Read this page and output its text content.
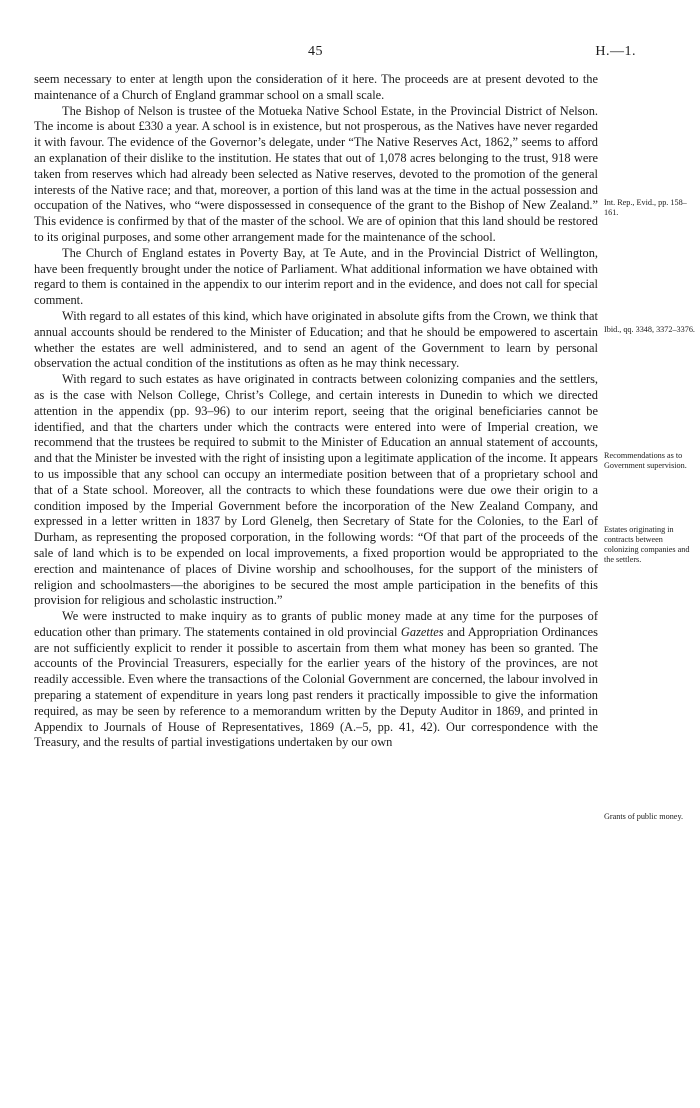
45	H.—1.

seem necessary to enter at length upon the consideration of it here. The proceeds are at present devoted to the maintenance of a Church of England grammar school on a small scale.

The Bishop of Nelson is trustee of the Motueka Native School Estate, in the Provincial District of Nelson. The income is about £330 a year. A school is in existence, but not prosperous, as the Natives have never regarded it with favour. The evidence of the Governor’s delegate, under “The Native Reserves Act, 1862,” seems to afford an explanation of their dislike to the institution. He states that out of 1,078 acres belonging to the trust, 918 were taken from reserves which had already been selected as Native reserves, devoted to the promotion of the general interests of the Native race; and that, moreover, a portion of this land was at the time in the actual possession and occupation of the Natives, who “were dispossessed in consequence of the grant to the Bishop of New Zealand.” This evidence is confirmed by that of the master of the school. We are of opinion that this land should be restored to its original purposes, and some other arrangement made for the maintenance of the school.

The Church of England estates in Poverty Bay, at Te Aute, and in the Provincial District of Wellington, have been frequently brought under the notice of Parliament. What additional information we have obtained with regard to them is contained in the appendix to our interim report and in the evidence, and does not call for special comment.

With regard to all estates of this kind, which have originated in absolute gifts from the Crown, we think that annual accounts should be rendered to the Minister of Education; and that he should be empowered to ascertain whether the estates are well administered, and to send an agent of the Government to learn by personal observation the actual condition of the institutions as often as he may think necessary.

With regard to such estates as have originated in contracts between colonizing companies and the settlers, as is the case with Nelson College, Christ’s College, and certain interests in Dunedin to which we directed attention in the appendix (pp. 93–96) to our interim report, seeing that the original beneficiaries cannot be identified, and that the charters under which the contracts were entered into were of Imperial creation, we recommend that the trustees be required to submit to the Minister of Education an annual statement of accounts, and that the Minister be invested with the right of insisting upon a legitimate application of the income. It appears to us impossible that any school can occupy an intermediate position between that of a proprietary school and that of a State school. Moreover, all the contracts to which these foundations were due owe their origin to a condition imposed by the Imperial Government before the incorporation of the New Zealand Company, and expressed in a letter written in 1837 by Lord Glenelg, then Secretary of State for the Colonies, to the Earl of Durham, as representing the proposed corporation, in the following words: “Of that part of the proceeds of the sale of land which is to be expended on local improvements, a fixed proportion would be appropriated to the erection and maintenance of places of Divine worship and schoolhouses, for the support of the ministers of religion and schoolmasters—the aborigines to be secured the most ample participation in the benefits of this provision for religious and scholastic instruction.”

We were instructed to make inquiry as to grants of public money made at any time for the purposes of education other than primary. The statements contained in old provincial Gazettes and Appropriation Ordinances are not sufficiently explicit to render it possible to ascertain from them what money has been so granted. The accounts of the Provincial Treasurers, especially for the earlier years of the history of the provinces, are not readily accessible. Even where the transactions of the Colonial Government are concerned, the labour involved in preparing a statement of expenditure in years long past renders it practically impossible to give the information required, as may be seen by reference to a memorandum written by the Deputy Auditor in 1869, and printed in Appendix to Journals of House of Representatives, 1869 (A.–5, pp. 41, 42). Our correspondence with the Treasury, and the results of partial investigations undertaken by our own

Int. Rep., Evid., pp. 158–161.
Ibid., qq. 3348, 3372–3376.
Recommendations as to Government supervision.
Estates originating in contracts between colonizing companies and the settlers.
Grants of public money.
